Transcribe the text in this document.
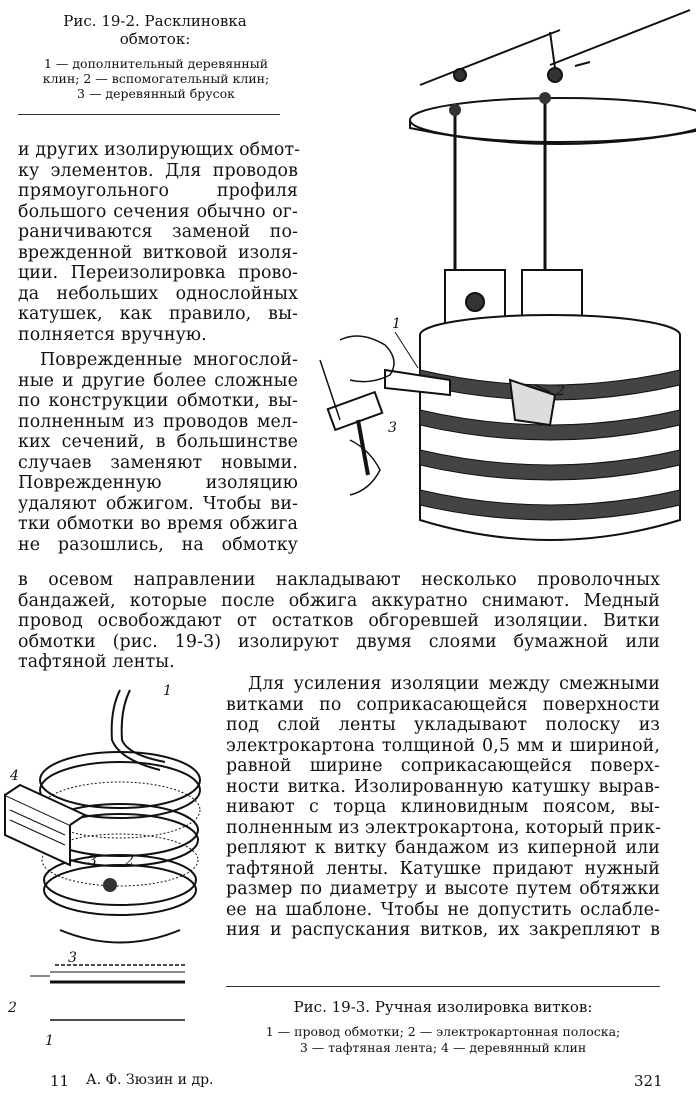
Рис. 19-2. Расклиновка обмоток:
1 — дополнительный деревянный клин; 2 — вспомогательный клин; 3 — деревянный брусок
1
2
3
и других изолирующих обмот-
ку элементов. Для проводов
прямоугольного профиля
большого сечения обычно ог-
раничиваются заменой по-
врежденной витковой изоля-
ции. Переизолировка прово-
да небольших однослойных
катушек, как правило, вы-
полняется вручную.
Поврежденные многослой-
ные и другие более сложные
по конструкции обмотки, вы-
полненным из проводов мел-
ких сечений, в большинстве
случаев заменяют новыми.
Поврежденную изоляцию
удаляют обжигом. Чтобы ви-
тки обмотки во время обжига
не разошлись, на обмотку
в осевом направлении накладывают несколько проволочных
бандажей, которые после обжига аккуратно снимают. Медный
провод освобождают от остатков обгоревшей изоляции. Витки
обмотки (рис. 19-3) изолируют двумя слоями бумажной или
тафтяной ленты.
1
4
3 2
3
2
1
Для усиления изоляции между смежными
витками по соприкасающейся поверхности
под слой ленты укладывают полоску из
электрокартона толщиной 0,5 мм и шириной,
равной ширине соприкасающейся поверх-
ности витка. Изолированную катушку вырав-
нивают с торца клиновидным поясом, вы-
полненным из электрокартона, который прик-
репляют к витку бандажом из киперной или
тафтяной ленты. Катушке придают нужный
размер по диаметру и высоте путем обтяжки
ее на шаблоне. Чтобы не допустить ослабле-
ния и распускания витков, их закрепляют в
Рис. 19-3. Ручная изолировка витков:
1 — провод обмотки; 2 — электрокартонная полоска;
3 — тафтяная лента; 4 — деревянный клин
11 А. Ф. Зюзин и др.	321
